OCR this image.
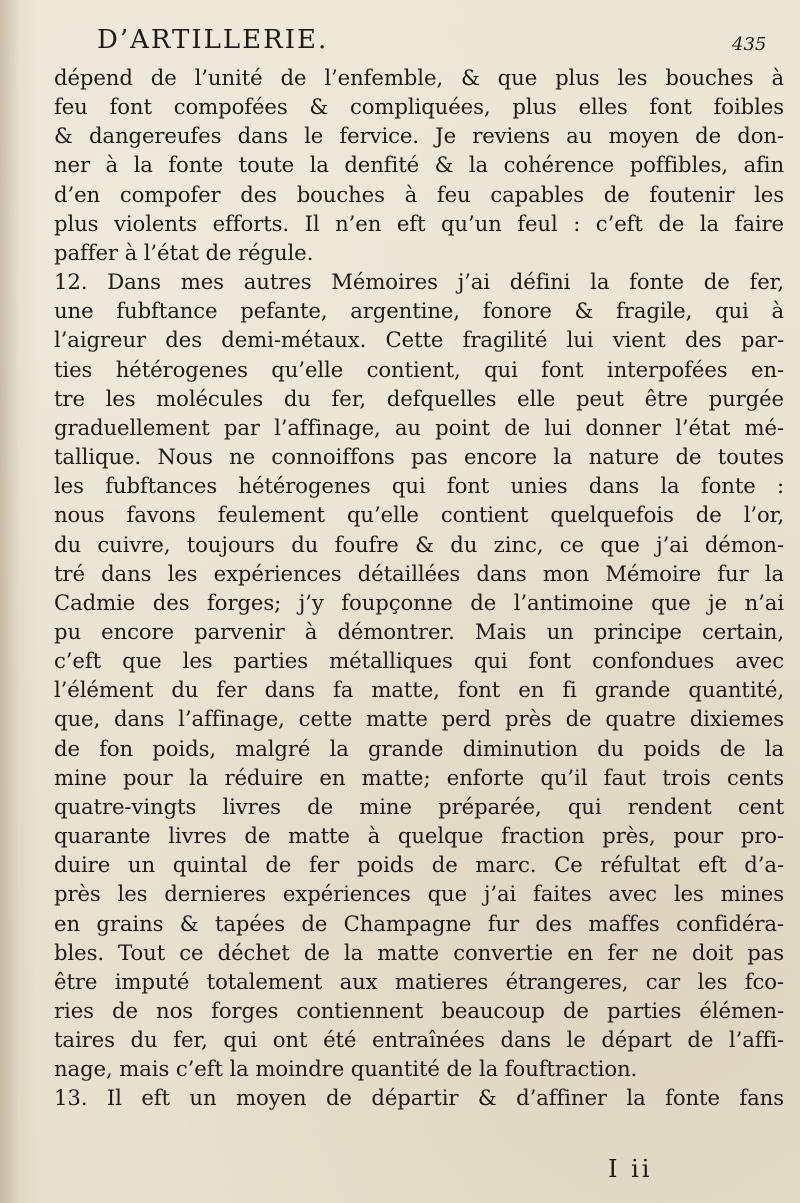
D’ARTILLERIE.	435
dépend de l’unité de l’enfemble, & que plus les bouches à
feu font compofées & compliquées, plus elles font foibles
& dangereufes dans le fervice. Je reviens au moyen de don-
ner à la fonte toute la denfité & la cohérence poffibles, afin
d’en compofer des bouches à feu capables de foutenir les
plus violents efforts. Il n’en eft qu’un feul : c’eft de la faire
paffer à l’état de régule.
12. Dans mes autres Mémoires j’ai défini la fonte de fer,
une fubftance pefante, argentine, fonore & fragile, qui à
l’aigreur des demi-métaux. Cette fragilité lui vient des par-
ties hétérogenes qu’elle contient, qui font interpofées en-
tre les molécules du fer, defquelles elle peut être purgée
graduellement par l’affinage, au point de lui donner l’état mé-
tallique. Nous ne connoiffons pas encore la nature de toutes
les fubftances hétérogenes qui font unies dans la fonte :
nous favons feulement qu’elle contient quelquefois de l’or,
du cuivre, toujours du foufre & du zinc, ce que j’ai démon-
tré dans les expériences détaillées dans mon Mémoire fur la
Cadmie des forges; j’y foupçonne de l’antimoine que je n’ai
pu encore parvenir à démontrer. Mais un principe certain,
c’eft que les parties métalliques qui font confondues avec
l’élément du fer dans fa matte, font en fi grande quantité,
que, dans l’affinage, cette matte perd près de quatre dixiemes
de fon poids, malgré la grande diminution du poids de la
mine pour la réduire en matte; enforte qu’il faut trois cents
quatre-vingts livres de mine préparée, qui rendent cent
quarante livres de matte à quelque fraction près, pour pro-
duire un quintal de fer poids de marc. Ce réfultat eft d’a-
près les dernieres expériences que j’ai faites avec les mines
en grains & tapées de Champagne fur des maffes confidéra-
bles. Tout ce déchet de la matte convertie en fer ne doit pas
être imputé totalement aux matieres étrangeres, car les fco-
ries de nos forges contiennent beaucoup de parties élémen-
taires du fer, qui ont été entraînées dans le départ de l’affi-
nage, mais c’eft la moindre quantité de la fouftraction.
13. Il eft un moyen de départir & d’affiner la fonte fans
I ii
